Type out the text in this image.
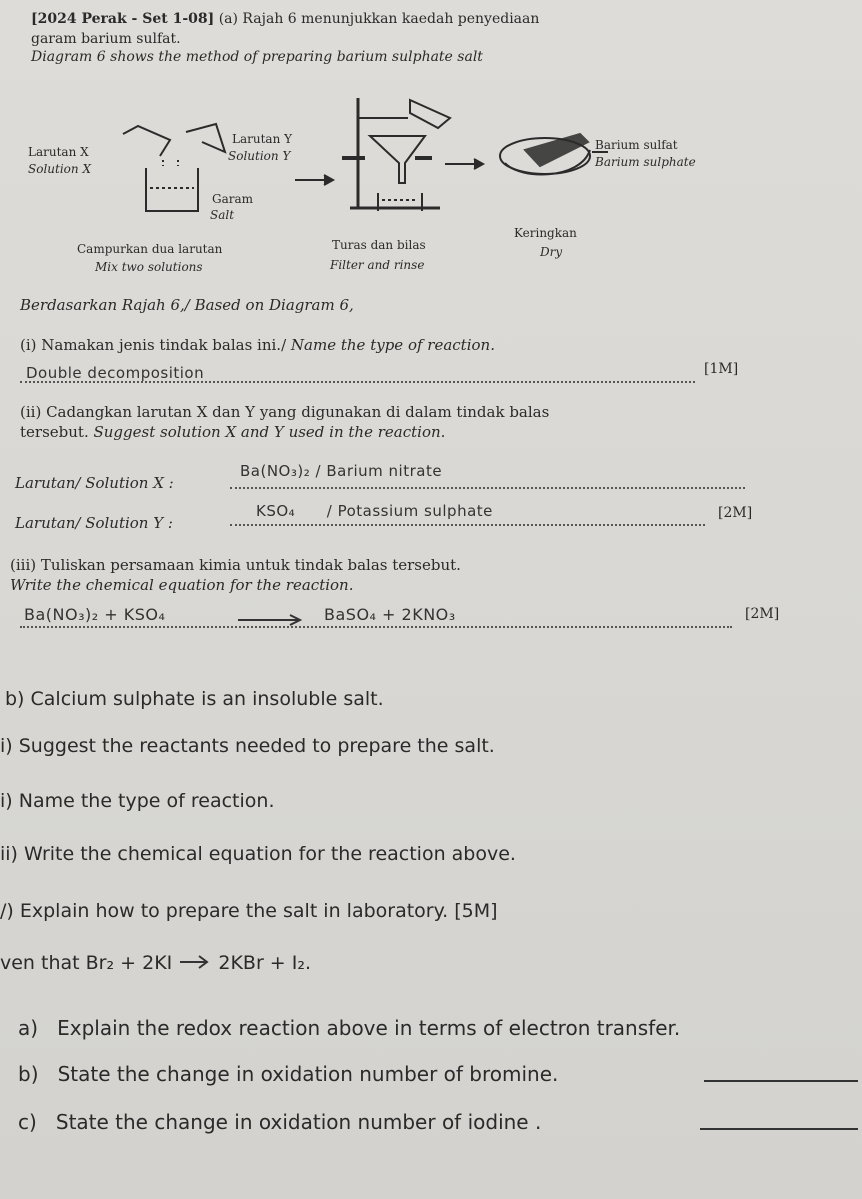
[2024 Perak - Set 1-08] (a) Rajah 6 menunjukkan kaedah penyediaan
garam barium sulfat.
Diagram 6 shows the method of preparing barium sulphate salt
Larutan X
Solution X
Larutan Y
Solution Y
Garam
Salt
Barium sulfat
Barium sulphate
Campurkan dua larutan
Mix two solutions
Turas dan bilas
Filter and rinse
Keringkan
Dry
Berdasarkan Rajah 6,/ Based on Diagram 6,
(i) Namakan jenis tindak balas ini./ Name the type of reaction.
Double decomposition	[1M]
(ii) Cadangkan larutan X dan Y yang digunakan di dalam tindak balas
tersebut. Suggest solution X and Y used in the reaction.
Larutan/ Solution X :
Ba(NO₃)₂ / Barium nitrate
Larutan/ Solution Y :
KSO₄      / Potassium sulphate	[2M]
(iii) Tuliskan persamaan kimia untuk tindak balas tersebut.
Write the chemical equation for the reaction.
Ba(NO₃)₂ + KSO₄	BaSO₄ + 2KNO₃	[2M]
b) Calcium sulphate is an insoluble salt.
i) Suggest the reactants needed to prepare the salt.
i) Name the type of reaction.
ii) Write the chemical equation for the reaction above.
/) Explain how to prepare the salt in laboratory. [5M]
ven that Br₂ + 2KI → 2KBr + I₂.
a)   Explain the redox reaction above in terms of electron transfer.
b)   State the change in oxidation number of bromine.
c)   State the change in oxidation number of iodine .
